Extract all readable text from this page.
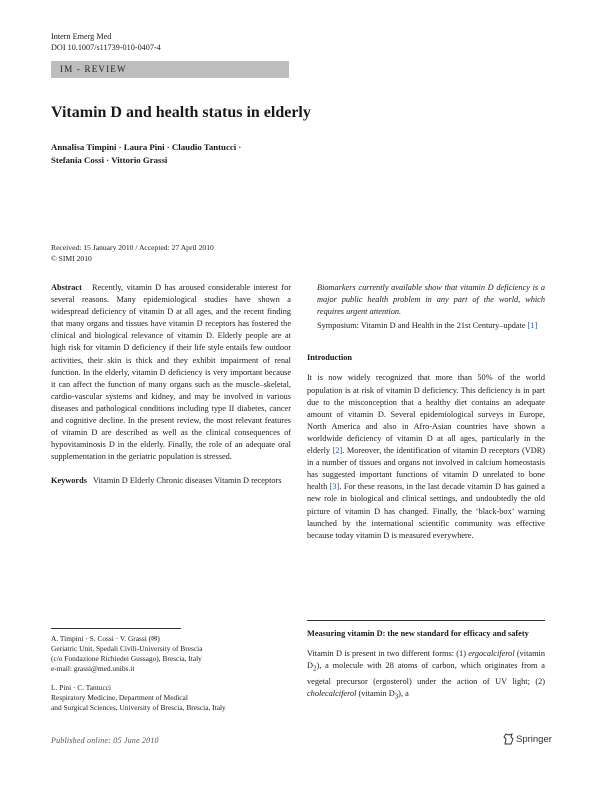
Intern Emerg Med
DOI 10.1007/s11739-010-0407-4
IM - REVIEW
Vitamin D and health status in elderly
Annalisa Timpini · Laura Pini · Claudio Tantucci ·
Stefania Cossi · Vittorio Grassi
Received: 15 January 2010 / Accepted: 27 April 2010
© SIMI 2010

Abstract Recently, vitamin D has aroused considerable interest for several reasons. Many epidemiological studies have shown a widespread deficiency of vitamin D at all ages, and the recent finding that many organs and tissues have vitamin D receptors has fostered the clinical and biological relevance of vitamin D. Elderly people are at high risk for vitamin D deficiency if their life style entails few outdoor activities, their skin is thick and they exhibit impairment of renal function. In the elderly, vitamin D deficiency is very important because it can affect the function of many organs such as the muscle–skeletal, cardio-vascular systems and kidney, and may be involved in various diseases and pathological conditions including type II diabetes, cancer and cognitive decline. In the present review, the most relevant features of vitamin D are described as well as the clinical consequences of hypovitaminosis D in the elderly. Finally, the role of an adequate oral supplementation in the geriatric population is stressed.

Keywords Vitamin D Elderly Chronic diseases Vitamin D receptors

A. Timpini · S. Cossi · V. Grassi (✉)

Geriatric Unit, Spedali Civili-University of Brescia

(c/o Fondazione Richiedei Gussago), Brescia, Italy

e-mail: grassi@med.unibs.it

L. Pini · C. Tantucci

Respiratory Medicine, Department of Medical

and Surgical Sciences, University of Brescia, Brescia, Italy

Biomarkers currently available show that vitamin D deficiency is a major public health problem in any part of the world, which requires urgent attention.

Symposium: Vitamin D and Health in the 21st Century–update [1]

Introduction

It is now widely recognized that more than 50% of the world population is at risk of vitamin D deficiency. This deficiency is in part due to the misconception that a healthy diet contains an adequate amount of vitamin D. Several epidemiological surveys in Europe, North America and also in Afro-Asian countries have shown a worldwide deficiency of vitamin D at all ages, particularly in the elderly [2]. Moreover, the identification of vitamin D receptors (VDR) in a number of tissues and organs not involved in calcium homeostasis has suggested important functions of vitamin D unrelated to bone health [3]. For these reasons, in the last decade vitamin D has gained a new role in biological and clinical settings, and undoubtedly the old picture of vitamin D has changed. Finally, the ‘black-box’ warning launched by the international scientific community was effective because today vitamin D is measured everywhere.

Measuring vitamin D: the new standard for efficacy and safety

Vitamin D is present in two different forms: (1) ergocalciferol (vitamin $D_2$), a molecule with 28 atoms of carbon, which originates from a vegetal precursor (ergosterol) under the action of UV light; (2) cholecalciferol (vitamin $D_3$), a

Published online: 05 June 2010	Springer
